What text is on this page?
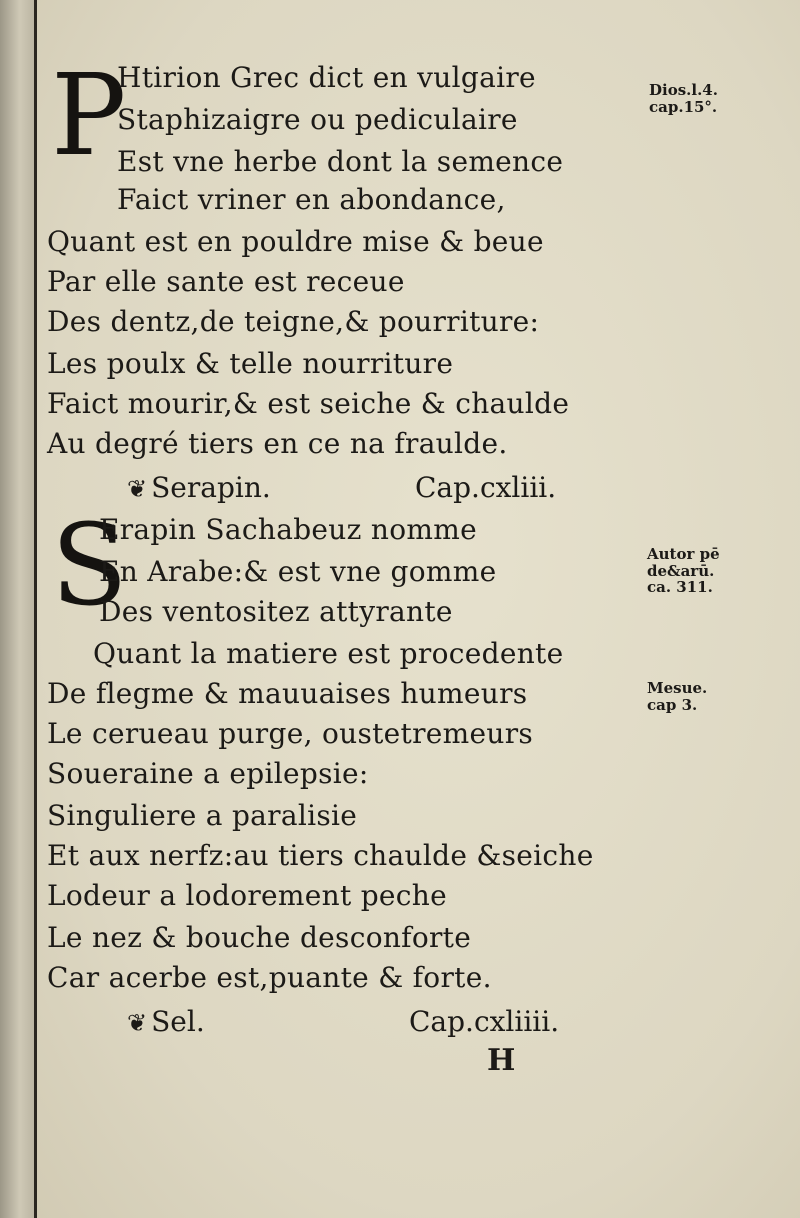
P
Htirion Grec dict en vulgaire
Staphizaigre ou pediculaire
Est vne herbe dont la semence
Faict vriner en abondance,
Quant est en pouldre mise & beue
Par elle sante est receue
Des dentz,de teigne,& pourriture:
Les poulx & telle nourriture
Faict mourir,& est seiche & chaulde
Au degré tiers en ce na fraulde.
❦ Serapin.	Cap.cxliii.
S
Erapin Sachabeuz nomme
En Arabe:& est vne gomme
Des ventositez attyrante
Quant la matiere est procedente
De flegme & mauuaises humeurs
Le cerueau purge, oustetremeurs
Soueraine a epilepsie:
Singuliere a paralisie
Et aux nerfz:au tiers chaulde &seiche
Lodeur a lodorement peche
Le nez & bouche desconforte
Car acerbe est,puante & forte.
❦ Sel.	Cap.cxliiii.
H
Dios.l.4.
cap.15°.
Autor pē
de&arū.
ca. 311.
Mesue.
cap 3.
